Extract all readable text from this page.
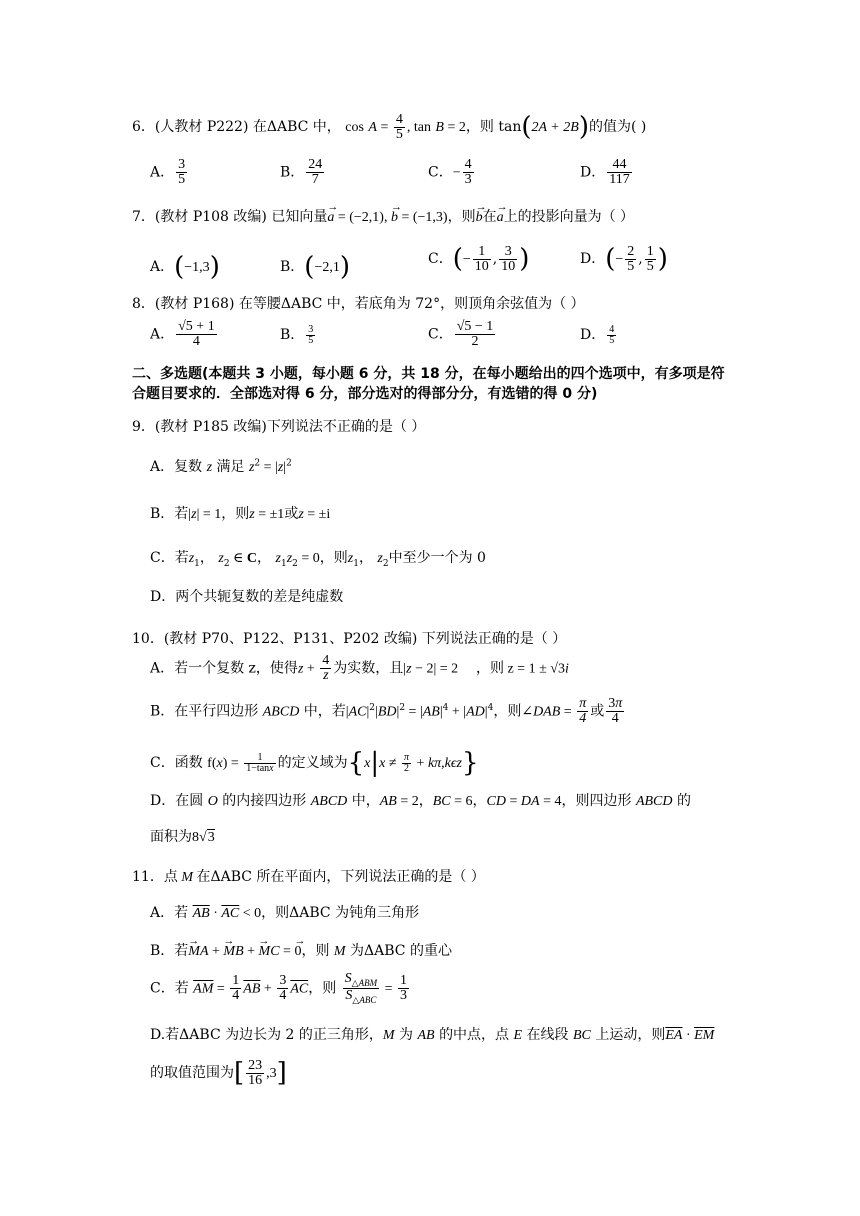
6．(人教材 P222) 在ΔABC 中， $\cos A = \frac{4}{5}$ , tan B = 2，则 tan(2A + 2B)的值为( )
A． $\frac{3}{5}$	B． $\frac{24}{7}$	C．− $\frac{4}{3}$	D． $\frac{44}{117}$
7．(教材 P108 改编) 已知向量→ a = (−2,1), → b = (−1,3)，则→ b在→ a上的投影向量为（ ）
A．(−1,3)	B．(−2,1)	C．(− $\frac{1}{10}$ , $\frac{3}{10}$ )	D．(− $\frac{2}{5}$ , $\frac{1}{5}$ )
8．(教材 P168) 在等腰ΔABC 中，若底角为 72°，则顶角余弦值为（ ）
A． $\frac{√5 + 1}{4}$	B． $\frac{3}{5}$	C． $\frac{√5 - 1}{2}$	D． $\frac{4}{5}$
二、多选题(本题共 3 小题，每小题 6 分，共 18 分，在每小题给出的四个选项中，有多项是符合题目要求的．全部选对得 6 分，部分选对的得部分分，有选错的得 0 分)
9．(教材 P185 改编)下列说法不正确的是（ ）
A．复数 z 满足 $z^2 = |z|^2$
B．若|z| = 1，则z = ±1或z = ±i
C．若$z_1$， $z_2$ ∈ C， $z_1z_2 = 0$，则$z_1$， $z_2$中至少一个为 0
D．两个共轭复数的差是纯虚数
10．(教材 P70、P122、P131、P202 改编) 下列说法正确的是（ ）
A．若一个复数 z，使得$z + \frac{4}{z}$ 为实数，且|z − 2| = 2 ，则 z = 1 ± √3i
B．在平行四边形 ABCD 中，若$|AC|^2|BD|^2 = |AB|^4 + |AD|^4$，则∠DAB = $\frac{\pi}{4}$ 或 $\frac{3\pi}{4}$
C．函数 $f(x) = \frac{1}{1-\tan x}$ 的定义域为$\{x|x \ne \frac{\pi}{2} + k\pi,k\epsilon z\}$
D．在圆 O 的内接四边形 ABCD 中，AB = 2，BC = 6，CD = DA = 4，则四边形 ABCD 的
面积为8√3
11．点 M 在ΔABC 所在平面内，下列说法正确的是（ ）
A．若 $\overline{AB} \cdot \overline{AC} < 0$，则ΔABC 为钝角三角形
B．若→ MA + → MB + → MC = → 0，则 M 为ΔABC 的重心
C．若 $\overline{AM} = \frac{1}{4} \overline{AB} + \frac{3}{4} \overline{AC}$，则 $\frac{S_{\triangle ABM}}{S_{\triangle ABC}} = \frac{1}{3}$
D.若ΔABC 为边长为 2 的正三角形，M 为 AB 的中点，点 E 在线段 BC 上运动，则$\overline{EA} \cdot \overline{EM}$
的取值范围为[ $\frac{23}{16} ,3$]
